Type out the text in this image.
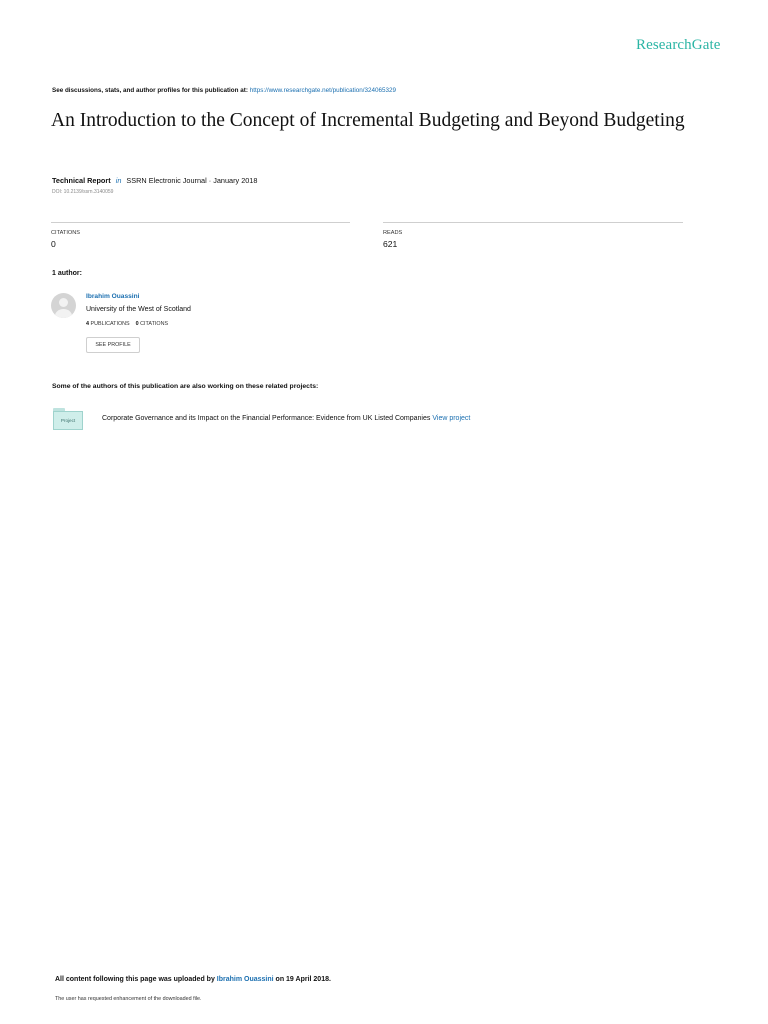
ResearchGate
See discussions, stats, and author profiles for this publication at: https://www.researchgate.net/publication/324065329
An Introduction to the Concept of Incremental Budgeting and Beyond Budgeting
Technical Report in SSRN Electronic Journal · January 2018
DOI: 10.2139/ssrn.3140059
CITATIONS
0
READS
621
1 author:
Ibrahim Ouassini
University of the West of Scotland
4 PUBLICATIONS 0 CITATIONS
SEE PROFILE
Some of the authors of this publication are also working on these related projects:
Project	Corporate Governance and its Impact on the Financial Performance: Evidence from UK Listed Companies View project
All content following this page was uploaded by Ibrahim Ouassini on 19 April 2018.
The user has requested enhancement of the downloaded file.
